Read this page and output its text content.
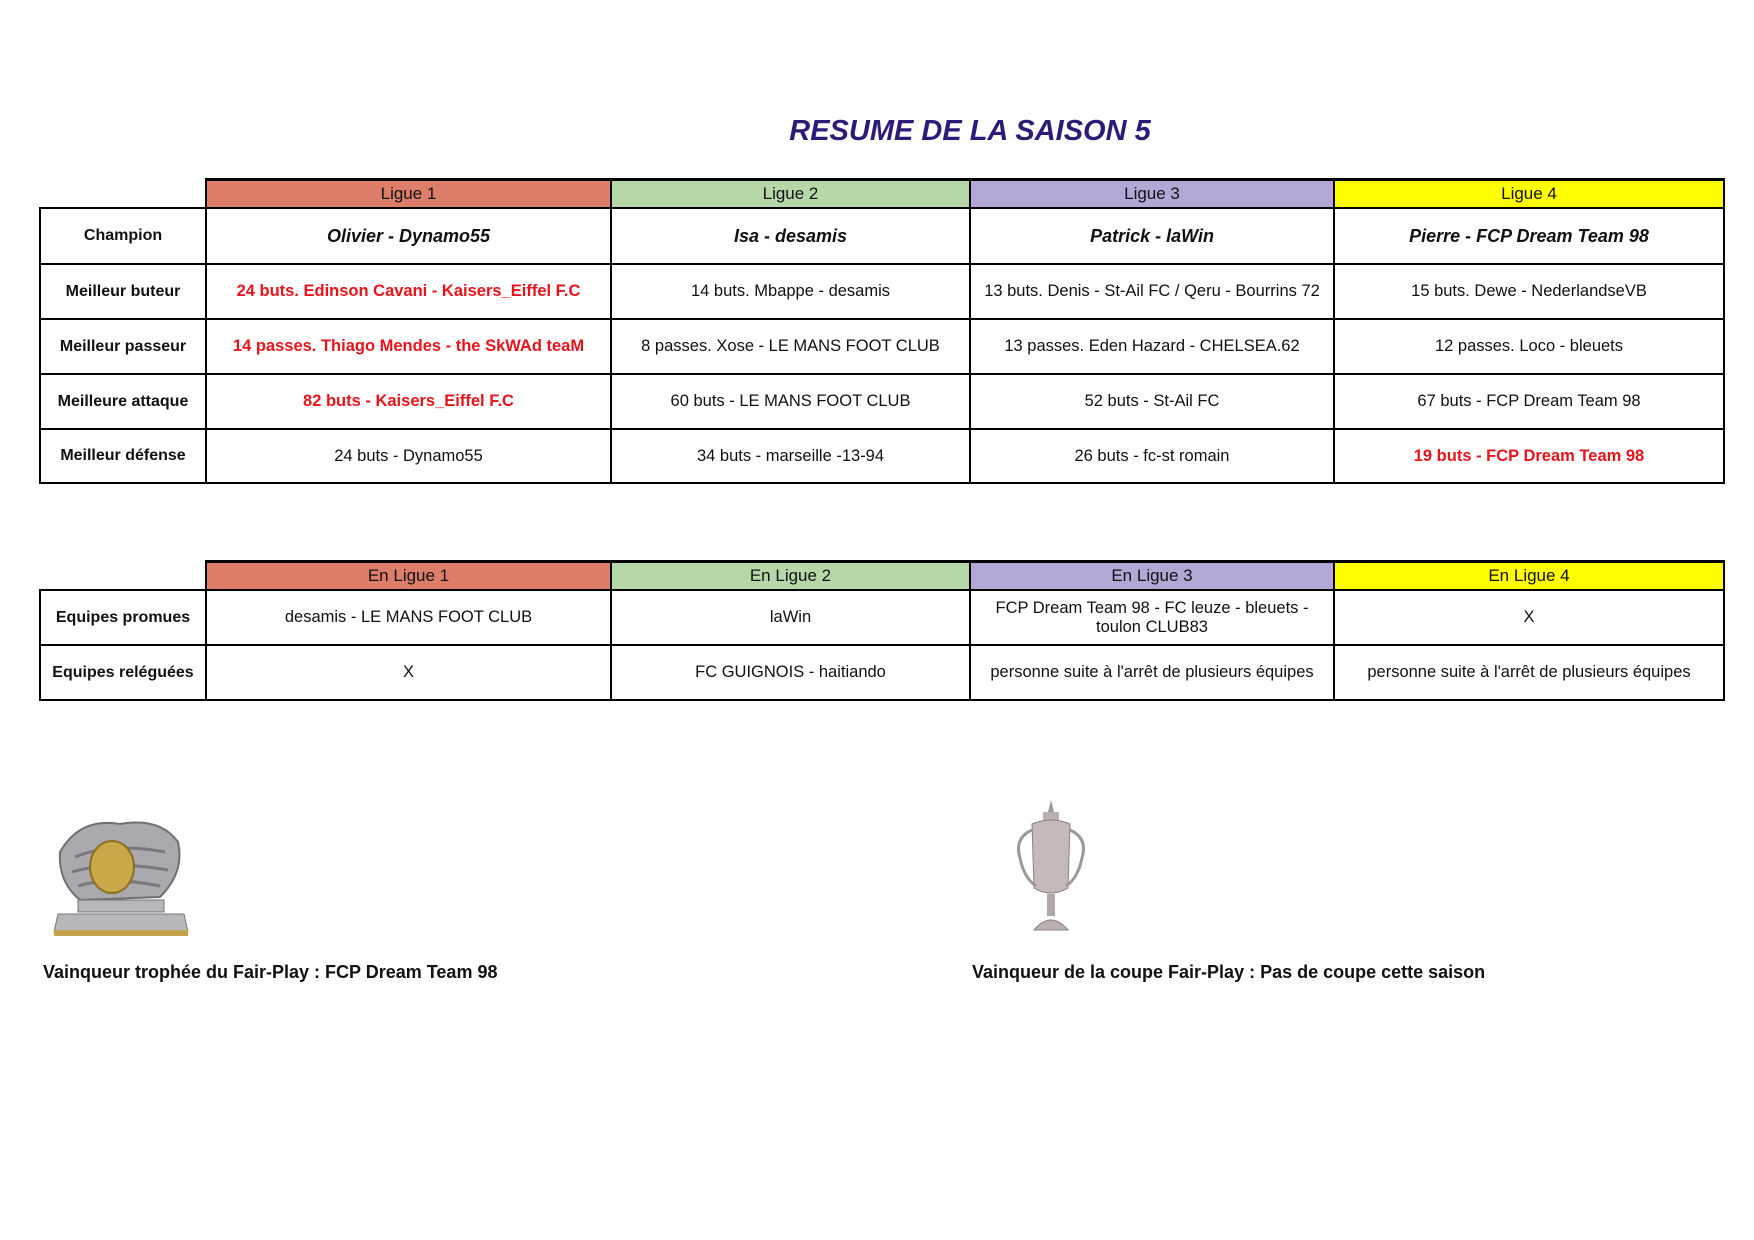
RESUME DE LA SAISON 5
	Ligue 1	Ligue 2	Ligue 3	Ligue 4
Champion	Olivier - Dynamo55	Isa - desamis	Patrick - laWin	Pierre - FCP Dream Team 98
Meilleur buteur	24 buts. Edinson Cavani - Kaisers_Eiffel F.C	14 buts. Mbappe - desamis	13 buts. Denis - St-Ail FC / Qeru - Bourrins 72	15 buts. Dewe - NederlandseVB
Meilleur passeur	14 passes. Thiago Mendes - the SkWAd teaM	8 passes. Xose - LE MANS FOOT CLUB	13 passes. Eden Hazard - CHELSEA.62	12 passes. Loco - bleuets
Meilleure attaque	82 buts - Kaisers_Eiffel F.C	60 buts - LE MANS FOOT CLUB	52 buts - St-Ail FC	67 buts - FCP Dream Team 98
Meilleur défense	24 buts - Dynamo55	34 buts - marseille -13-94	26 buts - fc-st romain	19 buts - FCP Dream Team 98
	En Ligue 1	En Ligue 2	En Ligue 3	En Ligue 4
Equipes promues	desamis - LE MANS FOOT CLUB	laWin	FCP Dream Team 98 - FC leuze - bleuets - toulon CLUB83	X
Equipes reléguées	X	FC GUIGNOIS - haitiando	personne suite à l'arrêt de plusieurs équipes	personne suite à l'arrêt de plusieurs équipes
Vainqueur trophée du Fair-Play : FCP Dream Team 98	Vainqueur de la coupe Fair-Play : Pas de coupe cette saison
